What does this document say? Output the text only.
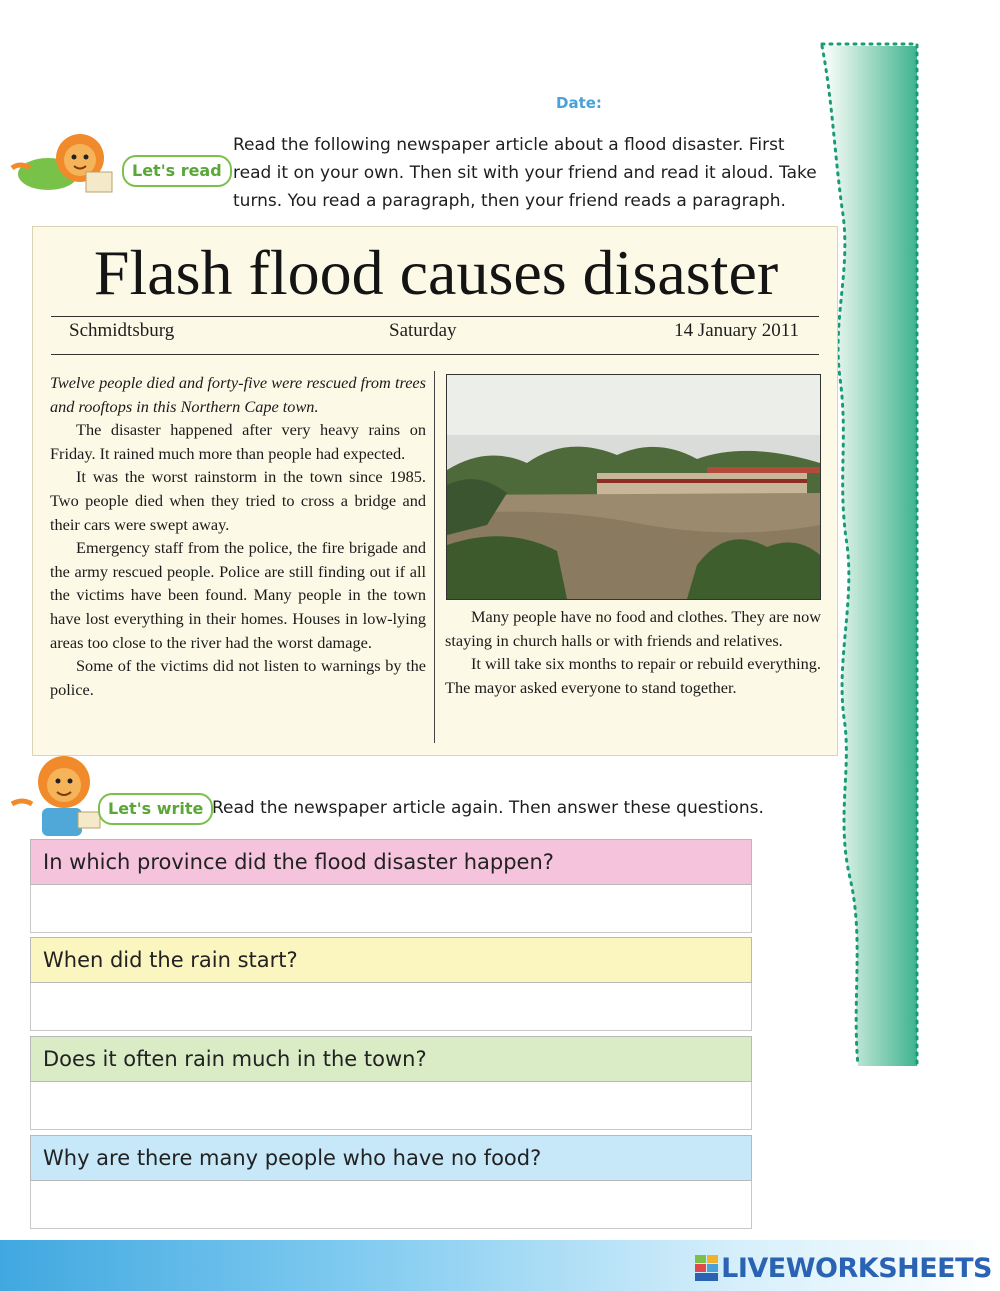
Date:
Let's read
Read the following newspaper article about a flood disaster. First read it on your own. Then sit with your friend and read it aloud. Take turns. You read a paragraph, then your friend reads a paragraph.
Flash flood causes disaster
Schmidtsburg	Saturday	14 January 2011

Twelve people died and forty-five were rescued from trees and rooftops in this Northern Cape town.

The disaster happened after very heavy rains on Friday. It rained much more than people had expected.

It was the worst rainstorm in the town since 1985. Two people died when they tried to cross a bridge and their cars were swept away.

Emergency staff from the police, the fire brigade and the army rescued people. Police are still finding out if all the victims have been found. Many people in the town have lost everything in their homes. Houses in low-lying areas too close to the river had the worst damage.

Some of the victims did not listen to warnings by the police.

Many people have no food and clothes. They are now staying in church halls or with friends and relatives.

It will take six months to repair or rebuild everything. The mayor asked everyone to stand together.

Let's write Read the newspaper article again. Then answer these questions.
In which province did the flood disaster happen?
When did the rain start?
Does it often rain much in the town?
Why are there many people who have no food?
LIVEWORKSHEETS
